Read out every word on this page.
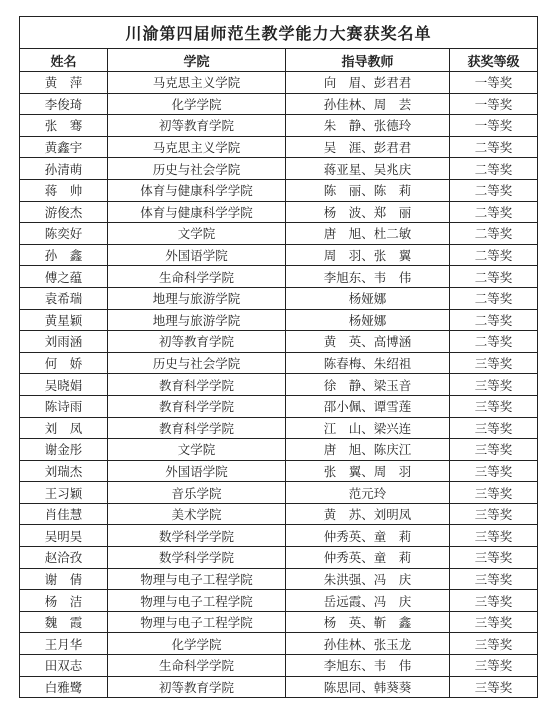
川渝第四届师范生教学能力大赛获奖名单			
姓名	学院	指导教师	获奖等级
黄　萍	马克思主义学院	向　眉、彭君君	一等奖
李俊琦	化学学院	孙佳林、周　芸	一等奖
张　骞	初等教育学院	朱　静、张德玲	一等奖
黄鑫宇	马克思主义学院	吴　涯、彭君君	二等奖
孙清萌	历史与社会学院	蒋亚星、吴兆庆	二等奖
蒋　帅	体育与健康科学学院	陈　丽、陈　莉	二等奖
游俊杰	体育与健康科学学院	杨　波、郑　丽	二等奖
陈奕好	文学院	唐　旭、杜二敏	二等奖
孙　鑫	外国语学院	周　羽、张　翼	二等奖
傅之蕴	生命科学学院	李旭东、韦　伟	二等奖
袁希瑞	地理与旅游学院	杨娅娜	二等奖
黄星颖	地理与旅游学院	杨娅娜	二等奖
刘雨涵	初等教育学院	黄　英、高博涵	二等奖
何　娇	历史与社会学院	陈春梅、朱绍祖	三等奖
吴晓娟	教育科学学院	徐　静、梁玉音	三等奖
陈诗雨	教育科学学院	邵小佩、谭雪莲	三等奖
刘　凤	教育科学学院	江　山、梁兴连	三等奖
谢金彤	文学院	唐　旭、陈庆江	三等奖
刘瑞杰	外国语学院	张　翼、周　羽	三等奖
王习颖	音乐学院	范元玲	三等奖
肖佳慧	美术学院	黄　苏、刘明凤	三等奖
吴明昊	数学科学学院	仲秀英、童　莉	三等奖
赵洽孜	数学科学学院	仲秀英、童　莉	三等奖
谢　倩	物理与电子工程学院	朱洪强、冯　庆	三等奖
杨　洁	物理与电子工程学院	岳远霞、冯　庆	三等奖
魏　霞	物理与电子工程学院	杨　英、靳　鑫	三等奖
王月华	化学学院	孙佳林、张玉龙	三等奖
田双志	生命科学学院	李旭东、韦　伟	三等奖
白雅鹭	初等教育学院	陈思同、韩葵葵	三等奖
